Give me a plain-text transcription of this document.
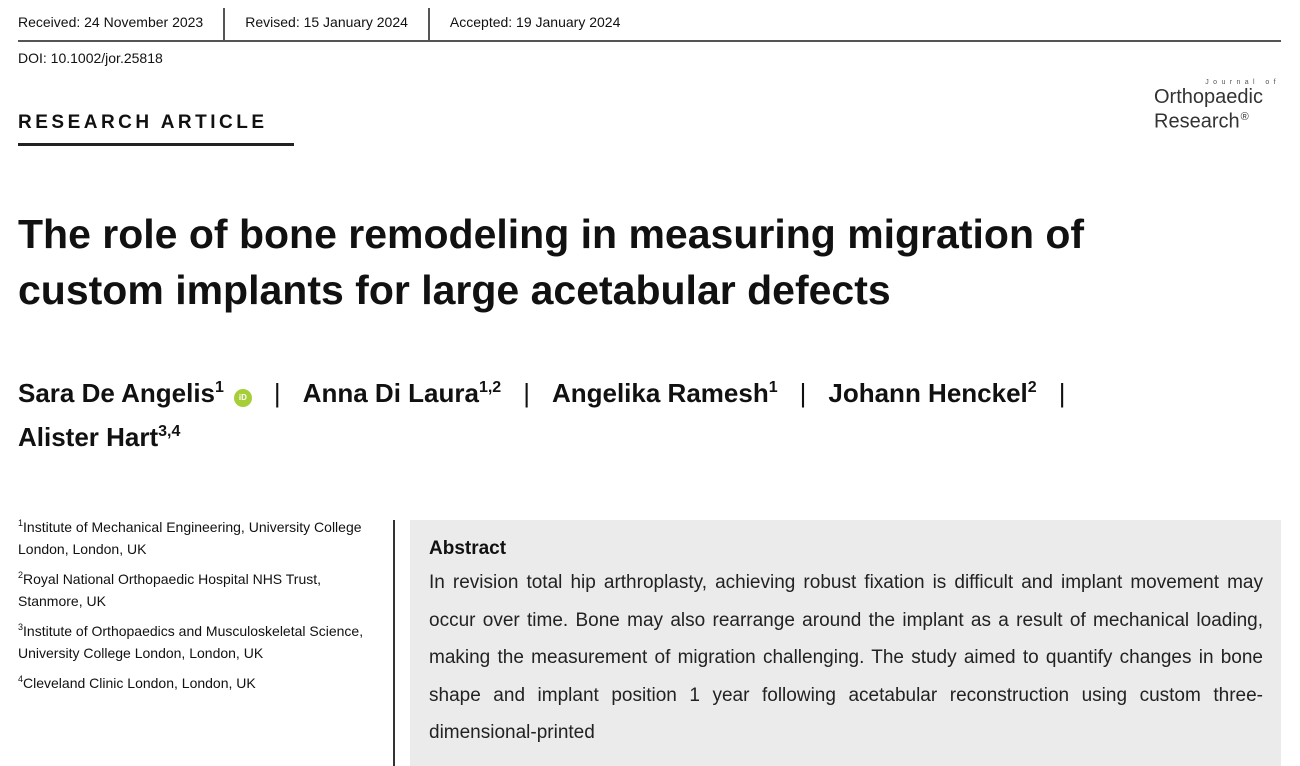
Received: 24 November 2023	Revised: 15 January 2024	Accepted: 19 January 2024
DOI: 10.1002/jor.25818
RESEARCH ARTICLE
Journal of
Orthopaedic
Research®
The role of bone remodeling in measuring migration of custom implants for large acetabular defects
Sara De Angelis$^1$iD | Anna Di Laura$^{1,2}$ | Angelika Ramesh$^1$ | Johann Henckel$^2$ |
Alister Hart$^{3,4}$
$^1$Institute of Mechanical Engineering, University College London, London, UK
$^2$Royal National Orthopaedic Hospital NHS Trust, Stanmore, UK
$^3$Institute of Orthopaedics and Musculoskeletal Science, University College London, London, UK
$^4$Cleveland Clinic London, London, UK
Abstract
In revision total hip arthroplasty, achieving robust fixation is difficult and implant movement may occur over time. Bone may also rearrange around the implant as a result of mechanical loading, making the measurement of migration challenging. The study aimed to quantify changes in bone shape and implant position 1 year following acetabular reconstruction using custom three-dimensional-printed
